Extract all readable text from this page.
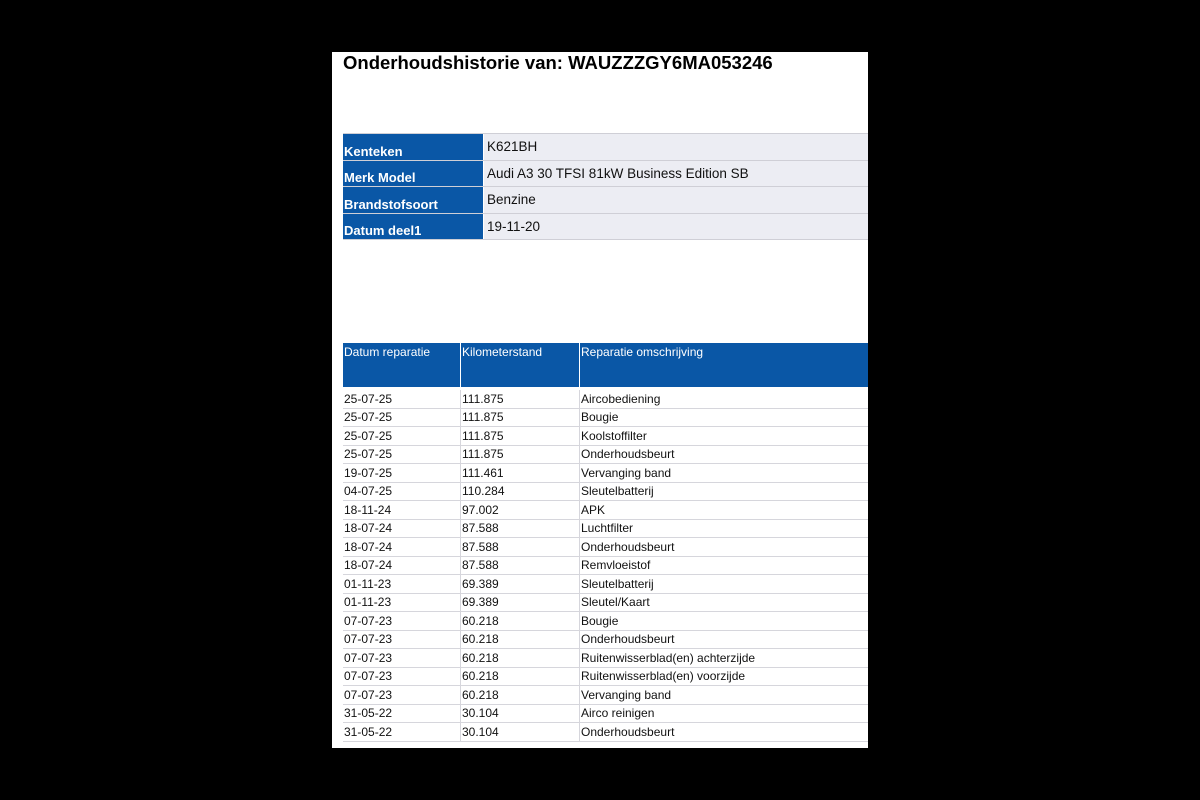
Onderhoudshistorie van: WAUZZZGY6MA053246
Kenteken	K621BH
Merk Model	Audi A3 30 TFSI 81kW Business Edition SB
Brandstofsoort	Benzine
Datum deel1	19-11-20
Datum reparatie	Kilometerstand	Reparatie omschrijving
25-07-25	111.875	Aircobediening
25-07-25	111.875	Bougie
25-07-25	111.875	Koolstoffilter
25-07-25	111.875	Onderhoudsbeurt
19-07-25	111.461	Vervanging band
04-07-25	110.284	Sleutelbatterij
18-11-24	97.002	APK
18-07-24	87.588	Luchtfilter
18-07-24	87.588	Onderhoudsbeurt
18-07-24	87.588	Remvloeistof
01-11-23	69.389	Sleutelbatterij
01-11-23	69.389	Sleutel/Kaart
07-07-23	60.218	Bougie
07-07-23	60.218	Onderhoudsbeurt
07-07-23	60.218	Ruitenwisserblad(en) achterzijde
07-07-23	60.218	Ruitenwisserblad(en) voorzijde
07-07-23	60.218	Vervanging band
31-05-22	30.104	Airco reinigen
31-05-22	30.104	Onderhoudsbeurt
